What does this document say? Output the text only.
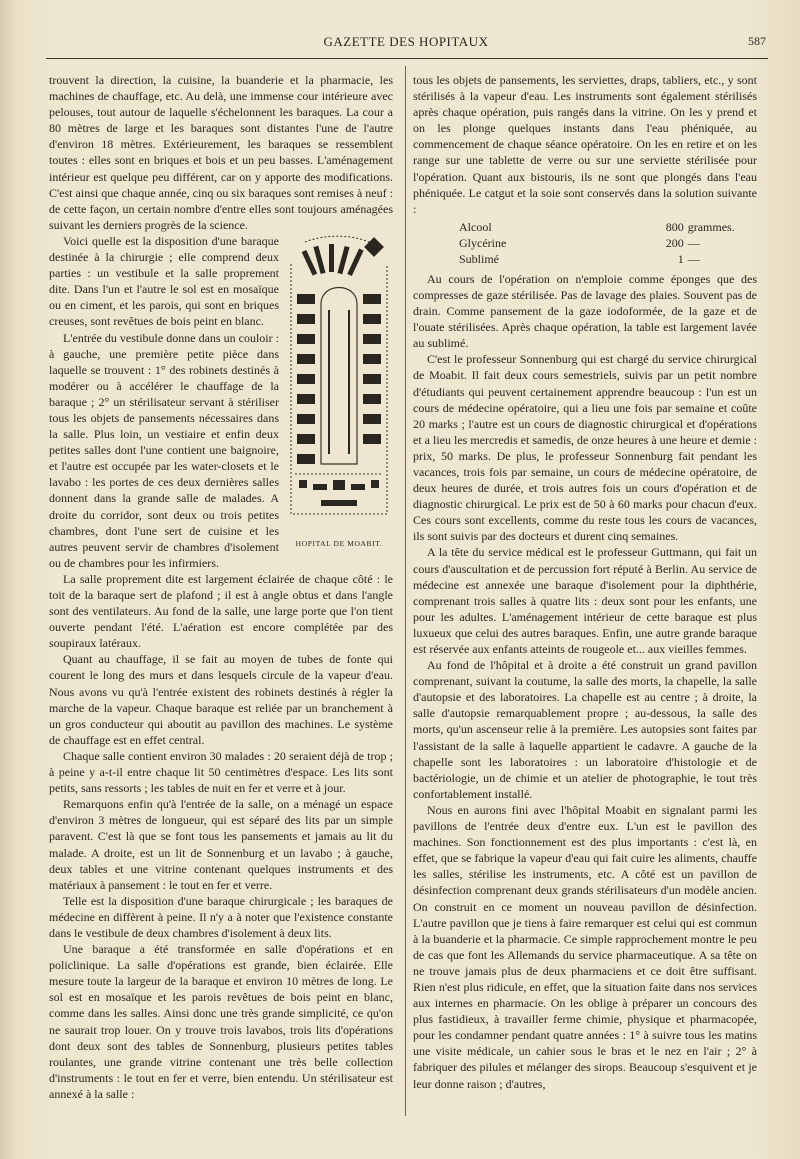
GAZETTE DES HOPITAUX	587

trouvent la direction, la cuisine, la buanderie et la pharmacie, les machines de chauffage, etc. Au delà, une immense cour intérieure avec pelouses, tout autour de laquelle s'échelonnent les baraques. La cour a 80 mètres de large et les baraques sont distantes l'une de l'autre d'environ 18 mètres. Extérieurement, les baraques se ressemblent toutes : elles sont en briques et bois et un peu basses. L'aménagement intérieur est quelque peu différent, car on y apporte des modifications. C'est ainsi que chaque année, cinq ou six baraques sont remises à neuf : de cette façon, un certain nombre d'entre elles sont toujours aménagées suivant les derniers progrès de la science.

HOPITAL DE MOABIT.

Voici quelle est la disposition d'une baraque destinée à la chirurgie ; elle comprend deux parties : un vestibule et la salle proprement dite. Dans l'un et l'autre le sol est en mosaïque ou en ciment, et les parois, qui sont en briques creuses, sont revêtues de bois peint en blanc.

L'entrée du vestibule donne dans un couloir : à gauche, une première petite pièce dans laquelle se trouvent : 1° des robinets destinés à modérer ou à accélérer le chauffage de la baraque ; 2° un stérilisateur servant à stériliser tous les objets de pansements nécessaires dans la salle. Plus loin, un vestiaire et enfin deux petites salles dont l'une contient une baignoire, et l'autre est occupée par les water-closets et le lavabo : les portes de ces deux dernières salles donnent dans la grande salle de malades. A droite du corridor, sont deux ou trois petites chambres, dont l'une sert de cuisine et les autres peuvent servir de chambres d'isolement ou de chambres pour les infirmiers.

La salle proprement dite est largement éclairée de chaque côté : le toit de la baraque sert de plafond ; il est à angle obtus et dans l'angle sont des ventilateurs. Au fond de la salle, une large porte que l'on tient ouverte pendant l'été. L'aération est encore complétée par des soupiraux latéraux.

Quant au chauffage, il se fait au moyen de tubes de fonte qui courent le long des murs et dans lesquels circule de la vapeur d'eau. Nous avons vu qu'à l'entrée existent des robinets destinés à régler la marche de la vapeur. Chaque baraque est reliée par un branchement à un gros conducteur qui aboutit au pavillon des machines. Le système de chauffage est en effet central.

Chaque salle contient environ 30 malades : 20 seraient déjà de trop ; à peine y a-t-il entre chaque lit 50 centimètres d'espace. Les lits sont petits, sans ressorts ; les tables de nuit en fer et verre et à jour.

Remarquons enfin qu'à l'entrée de la salle, on a ménagé un espace d'environ 3 mètres de longueur, qui est séparé des lits par un simple paravent. C'est là que se font tous les pansements et jamais au lit du malade. A droite, est un lit de Sonnenburg et un lavabo ; à gauche, deux tables et une vitrine contenant quelques instruments et des matériaux à pansement : le tout en fer et verre.

Telle est la disposition d'une baraque chirurgicale ; les baraques de médecine en diffèrent à peine. Il n'y a à noter que l'existence constante dans le vestibule de deux chambres d'isolement à deux lits.

Une baraque a été transformée en salle d'opérations et en policlinique. La salle d'opérations est grande, bien éclairée. Elle mesure toute la largeur de la baraque et environ 10 mètres de long. Le sol est en mosaïque et les parois revêtues de bois peint en blanc, comme dans les salles. Ainsi donc une très grande simplicité, ce qu'on ne saurait trop louer. On y trouve trois lavabos, trois lits d'opérations dont deux sont des tables de Sonnenburg, plusieurs petites tables roulantes, une grande vitrine contenant une très belle collection d'instruments : le tout en fer et verre, bien entendu. Un stérilisateur est annexé à la salle :

tous les objets de pansements, les serviettes, draps, tabliers, etc., y sont stérilisés à la vapeur d'eau. Les instruments sont également stérilisés après chaque opération, puis rangés dans la vitrine. On les y prend et on les plonge quelques instants dans l'eau phéniquée, au commencement de chaque séance opératoire. On les en retire et on les range sur une tablette de verre ou sur une serviette stérilisée pour l'opération. Quant aux bistouris, ils ne sont que plongés dans l'eau phéniquée. Le catgut et la soie sont conservés dans la solution suivante :

Alcool	800	grammes.
Glycérine	200	—
Sublimé	1	—

Au cours de l'opération on n'emploie comme éponges que des compresses de gaze stérilisée. Pas de lavage des plaies. Souvent pas de drain. Comme pansement de la gaze iodoformée, de la gaze et de l'ouate stérilisées. Après chaque opération, la table est largement lavée au sublimé.

C'est le professeur Sonnenburg qui est chargé du service chirurgical de Moabit. Il fait deux cours semestriels, suivis par un petit nombre d'étudiants qui peuvent certainement apprendre beaucoup : l'un est un cours de médecine opératoire, qui a lieu une fois par semaine et coûte 20 marks ; l'autre est un cours de diagnostic chirurgical et d'opérations et a lieu les mercredis et samedis, de onze heures à une heure et demie : prix, 50 marks. De plus, le professeur Sonnenburg fait pendant les vacances, trois fois par semaine, un cours de médecine opératoire, de deux heures de durée, et trois autres fois un cours d'opération et de diagnostic chirurgical. Le prix est de 50 à 60 marks pour chacun d'eux. Ces cours sont excellents, comme du reste tous les cours de vacances, ils sont suivis par des docteurs et durent cinq semaines.

A la tête du service médical est le professeur Guttmann, qui fait un cours d'auscultation et de percussion fort réputé à Berlin. Au service de médecine est annexée une baraque d'isolement pour la diphthérie, comprenant trois salles à quatre lits : deux sont pour les enfants, une pour les adultes. L'aménagement intérieur de cette baraque est plus luxueux que celui des autres baraques. Enfin, une autre grande baraque est réservée aux enfants atteints de rougeole et... aux vieilles femmes.

Au fond de l'hôpital et à droite a été construit un grand pavillon comprenant, suivant la coutume, la salle des morts, la chapelle, la salle d'autopsie et des laboratoires. La chapelle est au centre ; à droite, la salle d'autopsie remarquablement propre ; au-dessous, la salle des morts, qu'un ascenseur relie à la première. Les autopsies sont faites par l'assistant de la salle à laquelle appartient le cadavre. A gauche de la chapelle sont les laboratoires : un laboratoire d'histologie et de bactériologie, un de chimie et un atelier de photographie, le tout très confortablement installé.

Nous en aurons fini avec l'hôpital Moabit en signalant parmi les pavillons de l'entrée deux d'entre eux. L'un est le pavillon des machines. Son fonctionnement est des plus importants : c'est là, en effet, que se fabrique la vapeur d'eau qui fait cuire les aliments, chauffe les salles, stérilise les instruments, etc. A côté est un pavillon de désinfection comprenant deux grands stérilisateurs d'un modèle ancien. On construit en ce moment un nouveau pavillon de désinfection. L'autre pavillon que je tiens à faire remarquer est celui qui est commun à la buanderie et la pharmacie. Ce simple rapprochement montre le peu de cas que font les Allemands du service pharmaceutique. A sa tête on ne trouve jamais plus de deux pharmaciens et ce doit être suffisant. Rien n'est plus ridicule, en effet, que la situation faite dans nos services aux internes en pharmacie. On les oblige à préparer un concours des plus fastidieux, à travailler ferme chimie, physique et pharmacopée, pour les condamner pendant quatre années : 1° à suivre tous les matins une visite médicale, un cahier sous le bras et le nez en l'air ; 2° à fabriquer des pilules et mélanger des sirops. Beaucoup s'esquivent et je leur donne raison ; d'autres,
